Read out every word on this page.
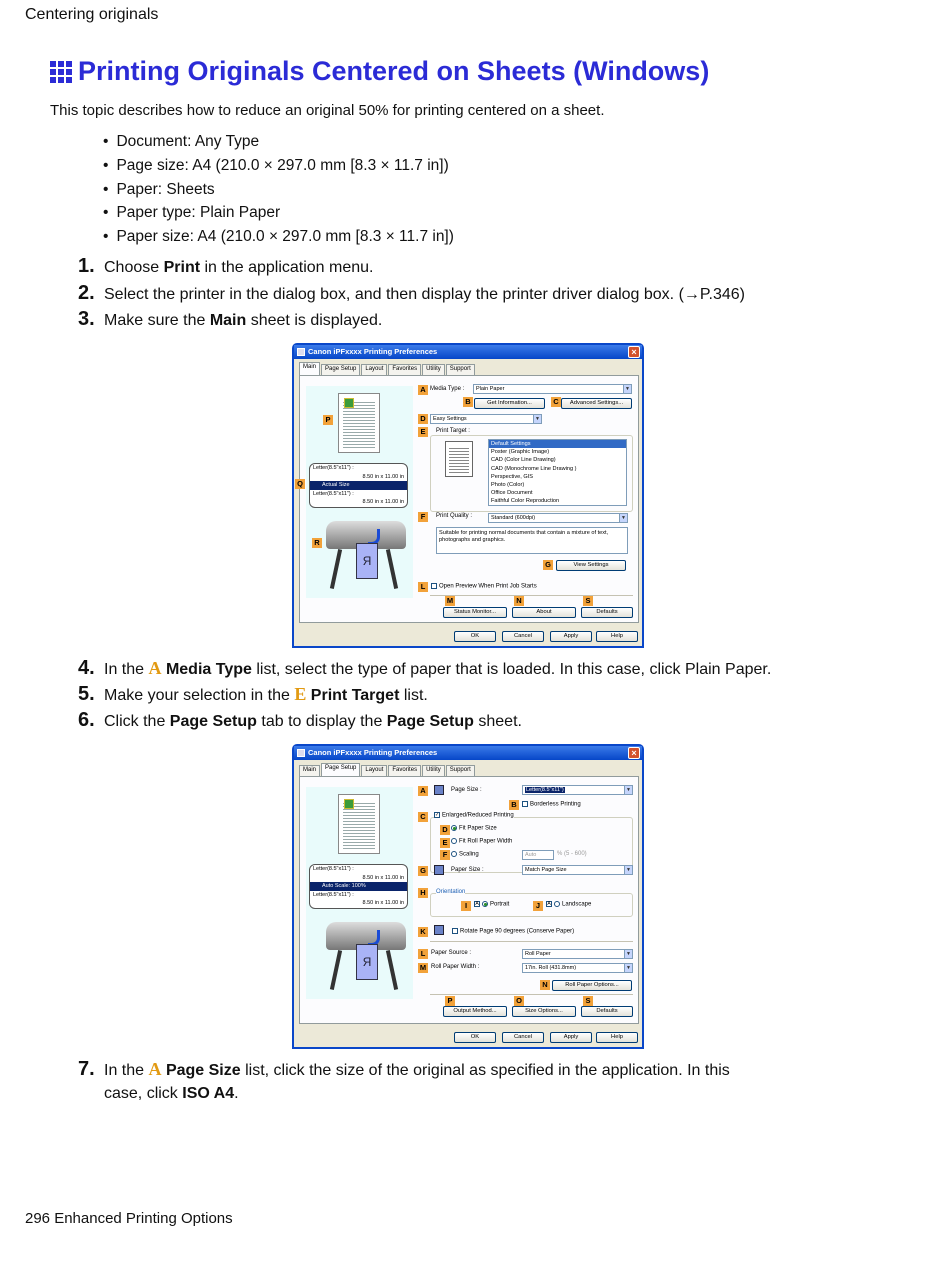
Centering originals
Printing Originals Centered on Sheets (Windows)
This topic describes how to reduce an original 50% for printing centered on a sheet.
• Document: Any Type
• Page size: A4 (210.0 × 297.0 mm [8.3 × 11.7 in])
• Paper: Sheets
• Paper type: Plain Paper
• Paper size: A4 (210.0 × 297.0 mm [8.3 × 11.7 in])
1. Choose Print in the application menu.
2. Select the printer in the dialog box, and then display the printer driver dialog box. (→P.346)
3. Make sure the Main sheet is displayed.
Canon iPFxxxx Printing Preferences	×
Main	Page Setup	Layout	Favorites	Utility	Support
Letter(8.5"x11") :
8.50 in x 11.00 in
Actual Size
Letter(8.5"x11") :
8.50 in x 11.00 in
R
P
Q
R
A Media Type :	Plain Paper	▼
B	Get Information...	C	Advanced Settings...
D	Easy Settings	▼
E	Print Target :
Default Settings
Poster (Graphic Image)
CAD (Color Line Drawing)
CAD (Monochrome Line Drawing )
Perspective, GIS
Photo (Color)
Office Document
Faithful Color Reproduction
F	Print Quality :	Standard (600dpi)	▼
Suitable for printing normal documents that contain a mixture of text, photographs and graphics.
G	View Settings
L	Open Preview When Print Job Starts
M	N	S
Status Monitor...	About	Defaults
OK	Cancel	Apply	Help
4. In the A Media Type list, select the type of paper that is loaded. In this case, click Plain Paper.
5. Make your selection in the E Print Target list.
6. Click the Page Setup tab to display the Page Setup sheet.
Canon iPFxxxx Printing Preferences	×
Main	Page Setup	Layout	Favorites	Utility	Support
Letter(8.5"x11") :
8.50 in x 11.00 in
Auto Scale: 100%
Letter(8.5"x11") :
8.50 in x 11.00 in
R
A	Page Size :	Letter(8.5"x11")	▼
B	Borderless Printing
C	✓ Enlarged/Reduced Printing
D	Fit Paper Size
E	Fit Roll Paper Width
F	Scaling	Auto	% (5 - 600)
G	Paper Size :	Match Page Size	▼
H	Orientation
I	A Portrait	J	A Landscape
K	Rotate Page 90 degrees (Conserve Paper)
L Paper Source :	Roll Paper	▼
M Roll Paper Width :	17in. Roll (431.8mm)	▼
N	Roll Paper Options...
P	O	S
Output Method...	Size Options...	Defaults
OK	Cancel	Apply	Help
7. In the A Page Size list, click the size of the original as specified in the application. In this
case, click ISO A4.
296 Enhanced Printing Options
